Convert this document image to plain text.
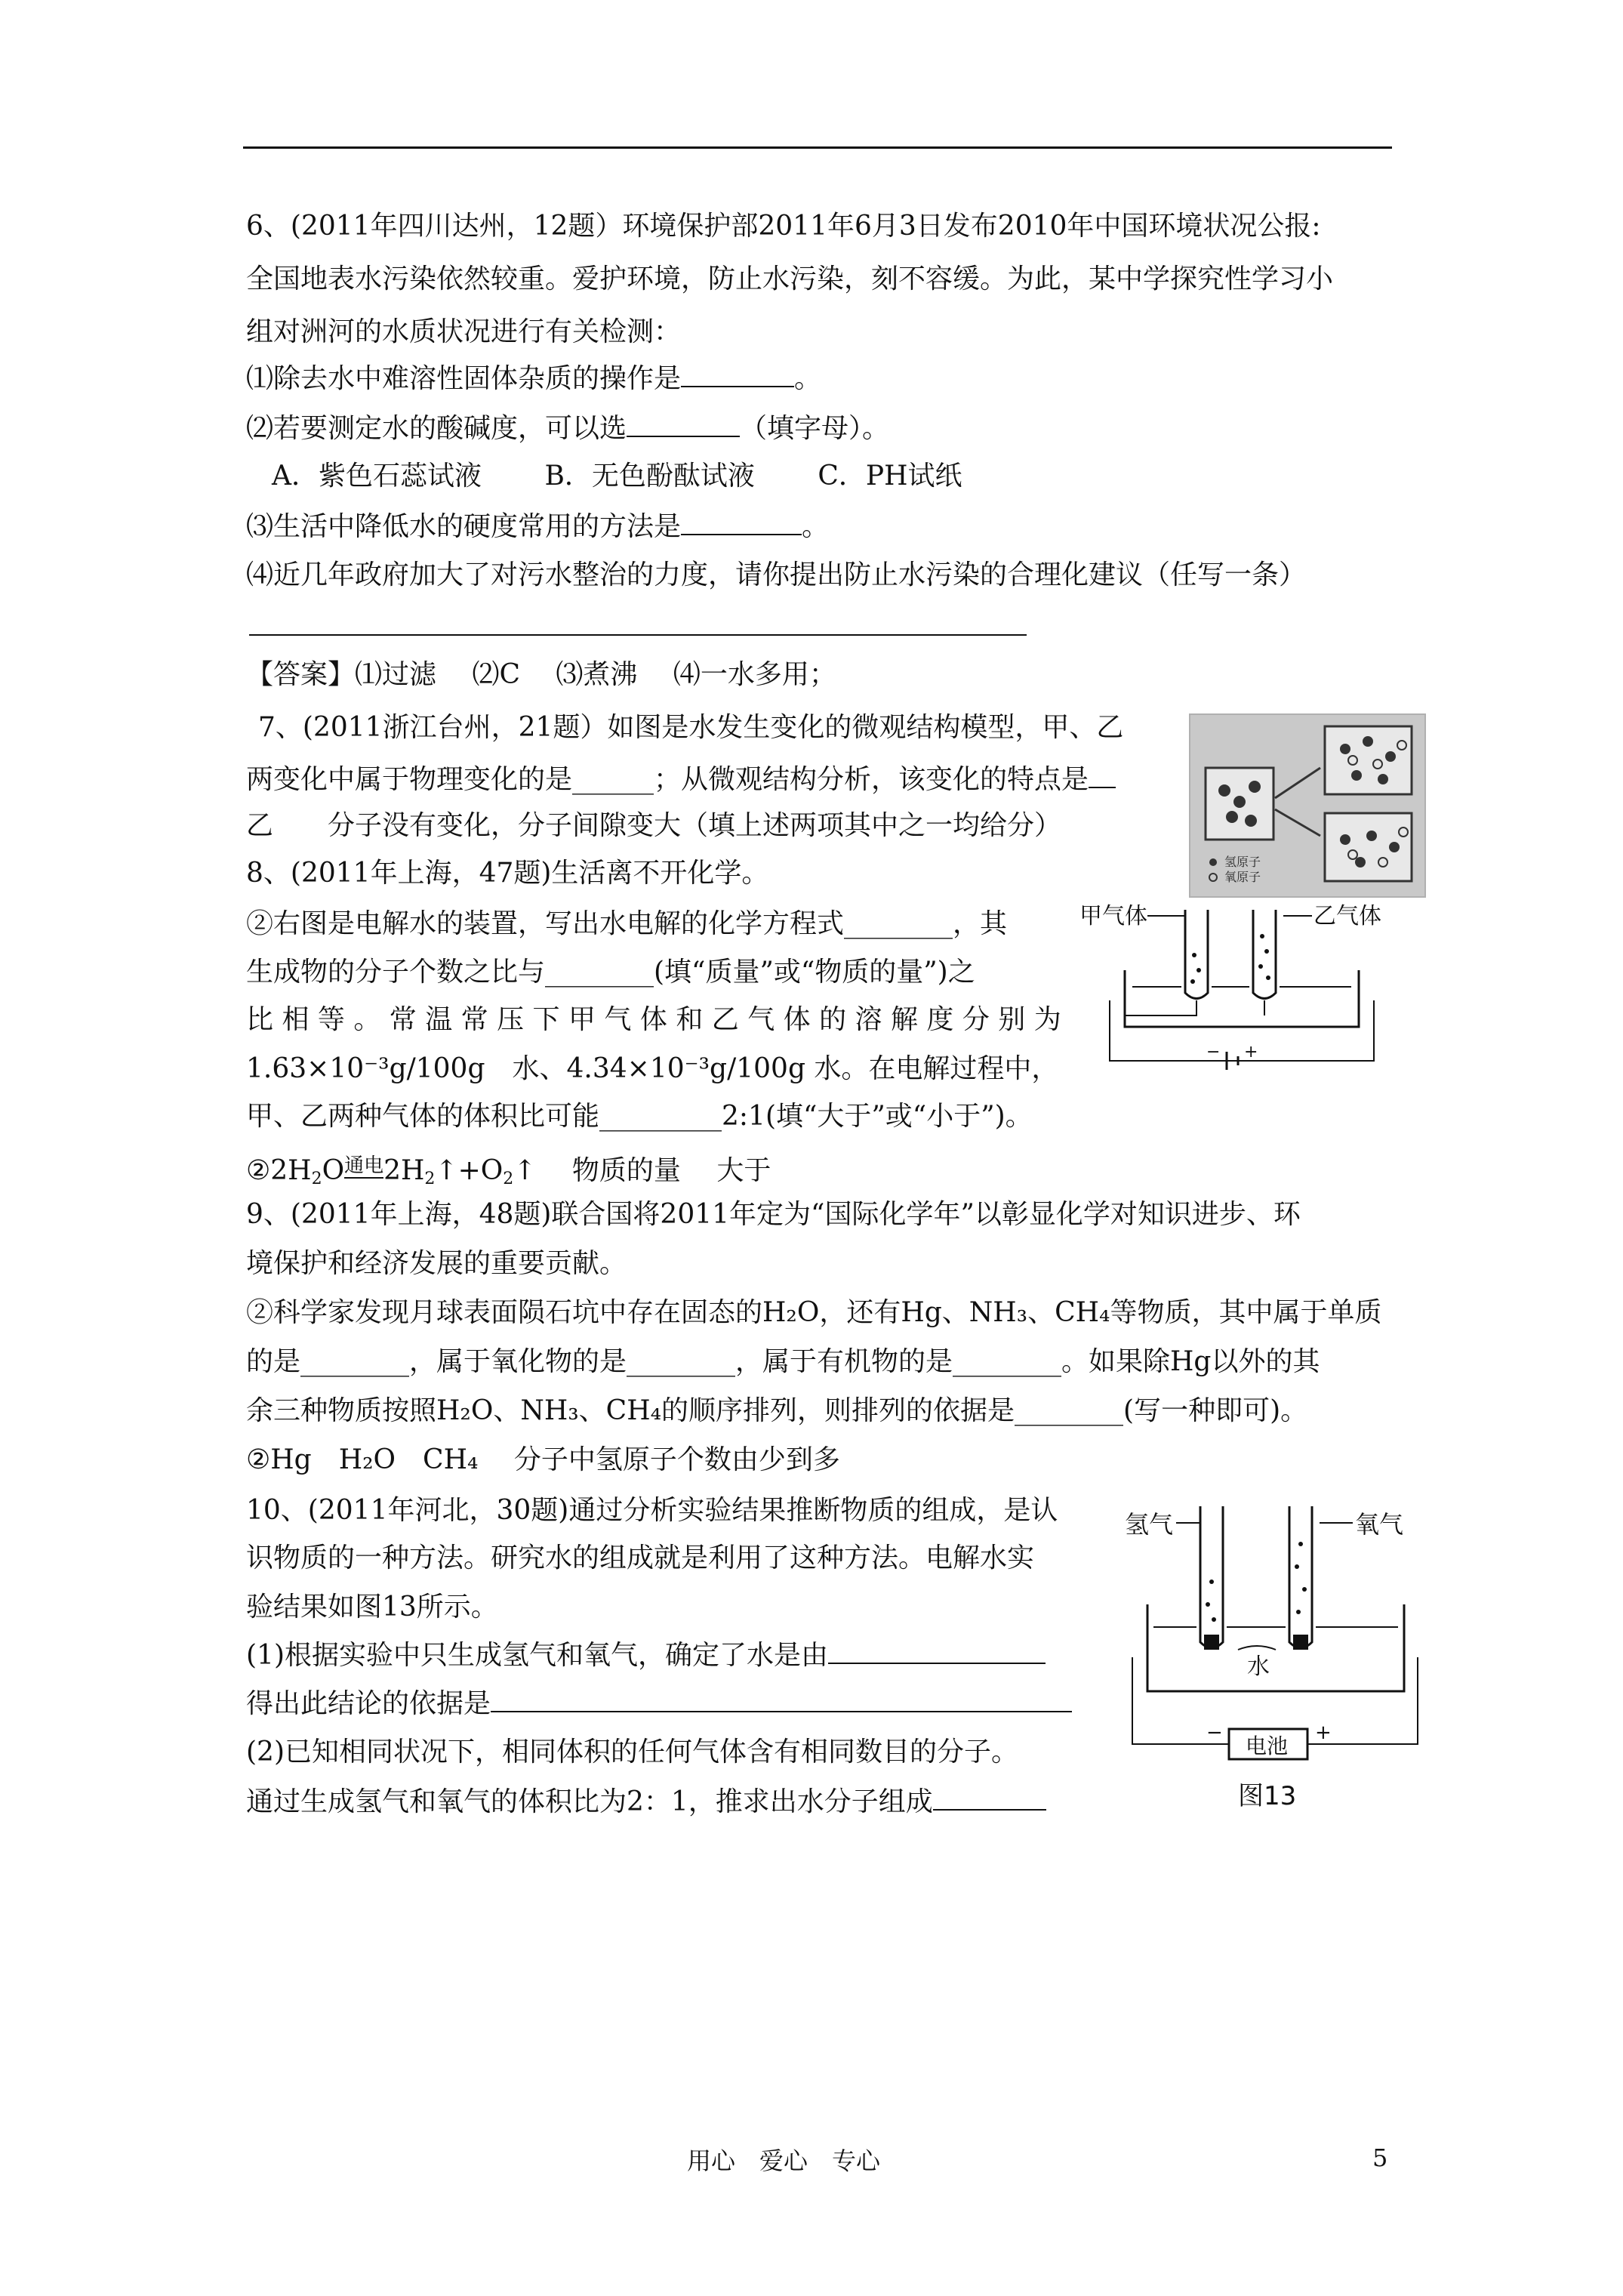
6、(2011年四川达州，12题）环境保护部2011年6月3日发布2010年中国环境状况公报:
全国地表水污染依然较重。爱护环境，防止水污染，刻不容缓。为此，某中学探究性学习小
组对洲河的水质状况进行有关检测：
⑴除去水中难溶性固体杂质的操作是	。
⑵若要测定水的酸碱度，可以选	（填字母）。
A．紫色石蕊试液　　 B．无色酚酞试液　　 C．PH试纸
⑶生活中降低水的硬度常用的方法是	。
⑷近几年政府加大了对污水整治的力度，请你提出防止水污染的合理化建议（任写一条）
【答案】⑴过滤　 ⑵C　 ⑶煮沸　 ⑷一水多用；
7、(2011浙江台州，21题）如图是水发生变化的微观结构模型，甲、乙
两变化中属于物理变化的是______；从微观结构分析，该变化的特点是
乙　　分子没有变化，分子间隙变大（填上述两项其中之一均给分）
氢原子
氧原子
8、(2011年上海，47题)生活离不开化学。
②右图是电解水的装置，写出水电解的化学方程式________，其
生成物的分子个数之比与________(填“质量”或“物质的量”)之
比 相 等 。 常 温 常 压 下 甲 气 体 和 乙 气 体 的 溶 解 度 分 别 为
1.63×10⁻³g/100g　水、4.34×10⁻³g/100g 水。在电解过程中，
甲、乙两种气体的体积比可能_________2:1(填“大于”或“小于”)。
$②2H_2O^{通电}2H_2↑+O_2↑$　 物质的量　 大于
甲气体	乙气体
− +
9、(2011年上海，48题)联合国将2011年定为“国际化学年”以彰显化学对知识进步、环
境保护和经济发展的重要贡献。
②科学家发现月球表面陨石坑中存在固态的H₂O，还有Hg、NH₃、CH₄等物质，其中属于单质
的是________，属于氧化物的是________，属于有机物的是________。如果除Hg以外的其
余三种物质按照H₂O、NH₃、CH₄的顺序排列，则排列的依据是________(写一种即可)。
②Hg　H₂O　CH₄　 分子中氢原子个数由少到多
10、(2011年河北，30题)通过分析实验结果推断物质的组成，是认
识物质的一种方法。研究水的组成就是利用了这种方法。电解水实
验结果如图13所示。
(1)根据实验中只生成氢气和氧气，确定了水是由
得出此结论的依据是
(2)已知相同状况下，相同体积的任何气体含有相同数目的分子。
通过生成氢气和氧气的体积比为2：1，推求出水分子组成
氢气	氧气
水
电池
−	+
图13
用心　爱心　专心	5
